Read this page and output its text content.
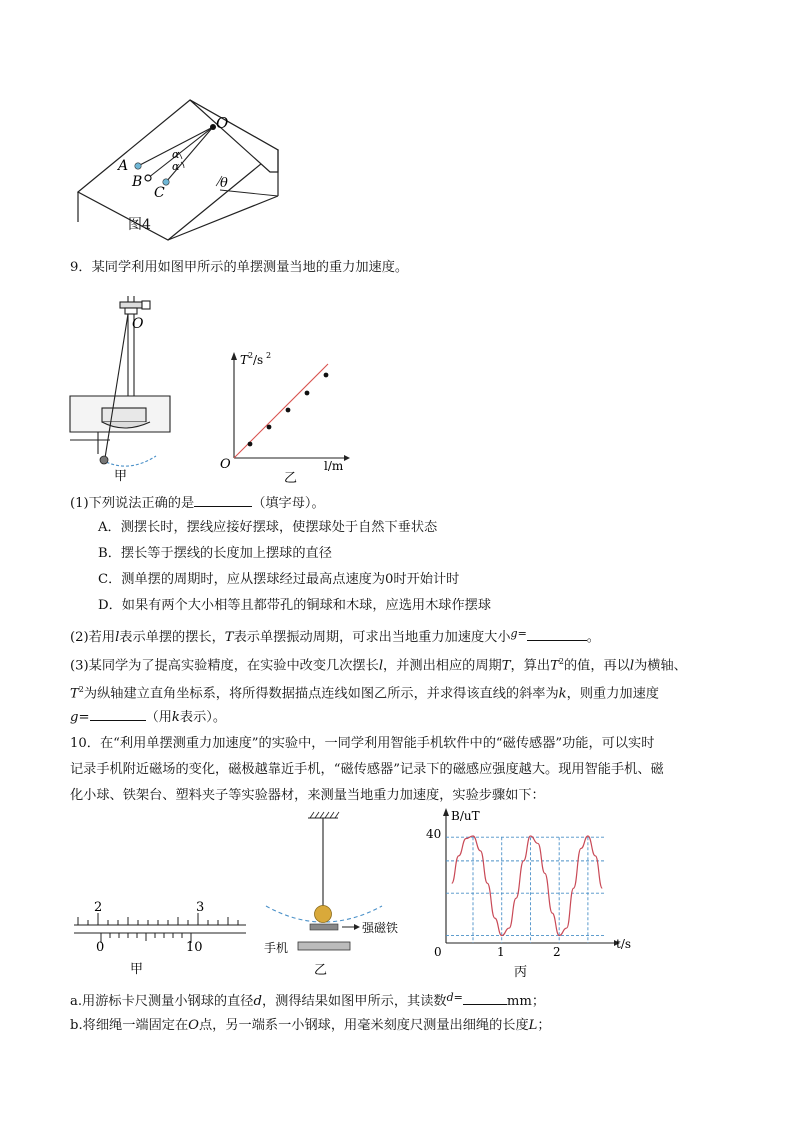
O
A
B
C
α
α
θ
图4
9．某同学利用如图甲所示的单摆测量当地的重力加速度。
O
甲
T 2 /s 2
O	l/m
乙
(1)下列说法正确的是	（填字母）。
A．测摆长时，摆线应接好摆球，使摆球处于自然下垂状态
B．摆长等于摆线的长度加上摆球的直径
C．测单摆的周期时，应从摆球经过最高点速度为0时开始计时
D．如果有两个大小相等且都带孔的铜球和木球，应选用木球作摆球
(2)若用l表示单摆的摆长，T表示单摆振动周期，可求出当地重力加速度大小$^{g=}$	。
(3)某同学为了提高实验精度，在实验中改变几次摆长l，并测出相应的周期T，算出$T^2$的值，再以l为横轴、
$T^2$为纵轴建立直角坐标系，将所得数据描点连线如图乙所示，并求得该直线的斜率为k，则重力加速度
g=	（用k表示）。
10．在“利用单摆测重力加速度”的实验中，一同学利用智能手机软件中的“磁传感器”功能，可以实时
记录手机附近磁场的变化，磁极越靠近手机，“磁传感器”记录下的磁感应强度越大。现用智能手机、磁
化小球、铁架台、塑料夹子等实验器材，来测量当地重力加速度，实验步骤如下：
2	3
0	10
甲
强磁铁
手机
乙
B/uT
40
0	1	2
t/s
丙
a.用游标卡尺测量小钢球的直径d，测得结果如图甲所示，其读数$^{d=}$	mm；
b.将细绳一端固定在O点，另一端系一小钢球，用毫米刻度尺测量出细绳的长度L；
